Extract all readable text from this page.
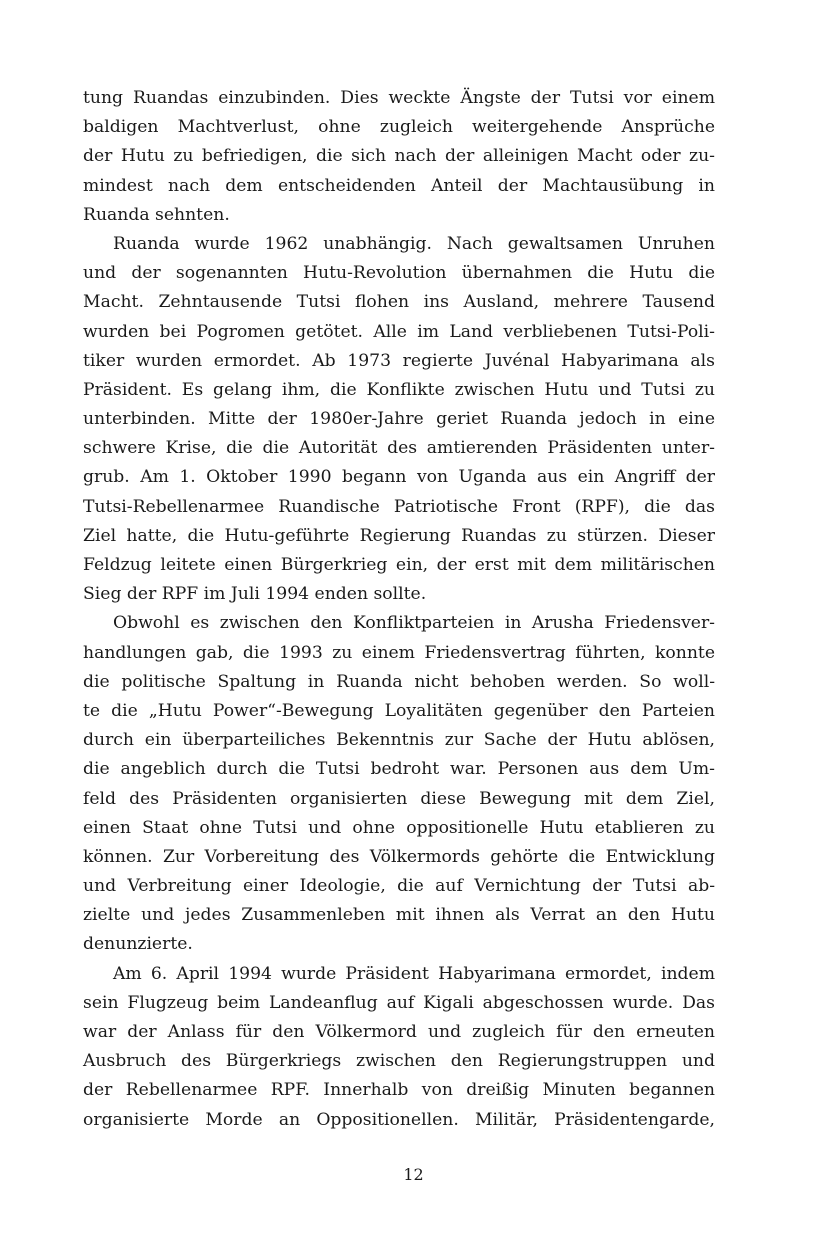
tung Ruandas einzubinden. Dies weckte Ängste der Tutsi vor einem
baldigen Machtverlust, ohne zugleich weitergehende Ansprüche
der Hutu zu befriedigen, die sich nach der alleinigen Macht oder zu-
mindest nach dem entscheidenden Anteil der Machtausübung in
Ruanda sehnten.
Ruanda wurde 1962 unabhängig. Nach gewaltsamen Unruhen
und der sogenannten Hutu-Revolution übernahmen die Hutu die
Macht. Zehntausende Tutsi flohen ins Ausland, mehrere Tausend
wurden bei Pogromen getötet. Alle im Land verbliebenen Tutsi-Poli-
tiker wurden ermordet. Ab 1973 regierte Juvénal Habyarimana als
Präsident. Es gelang ihm, die Konflikte zwischen Hutu und Tutsi zu
unterbinden. Mitte der 1980er-Jahre geriet Ruanda jedoch in eine
schwere Krise, die die Autorität des amtierenden Präsidenten unter-
grub. Am 1. Oktober 1990 begann von Uganda aus ein Angriff der
Tutsi-Rebellenarmee Ruandische Patriotische Front (RPF), die das
Ziel hatte, die Hutu-geführte Regierung Ruandas zu stürzen. Dieser
Feldzug leitete einen Bürgerkrieg ein, der erst mit dem militärischen
Sieg der RPF im Juli 1994 enden sollte.
Obwohl es zwischen den Konfliktparteien in Arusha Friedensver-
handlungen gab, die 1993 zu einem Friedensvertrag führten, konnte
die politische Spaltung in Ruanda nicht behoben werden. So woll-
te die „Hutu Power“-Bewegung Loyalitäten gegenüber den Parteien
durch ein überparteiliches Bekenntnis zur Sache der Hutu ablösen,
die angeblich durch die Tutsi bedroht war. Personen aus dem Um-
feld des Präsidenten organisierten diese Bewegung mit dem Ziel,
einen Staat ohne Tutsi und ohne oppositionelle Hutu etablieren zu
können. Zur Vorbereitung des Völkermords gehörte die Entwicklung
und Verbreitung einer Ideologie, die auf Vernichtung der Tutsi ab-
zielte und jedes Zusammenleben mit ihnen als Verrat an den Hutu
denunzierte.
Am 6. April 1994 wurde Präsident Habyarimana ermordet, indem
sein Flugzeug beim Landeanflug auf Kigali abgeschossen wurde. Das
war der Anlass für den Völkermord und zugleich für den erneuten
Ausbruch des Bürgerkriegs zwischen den Regierungstruppen und
der Rebellenarmee RPF. Innerhalb von dreißig Minuten begannen
organisierte Morde an Oppositionellen. Militär, Präsidentengarde,
12
